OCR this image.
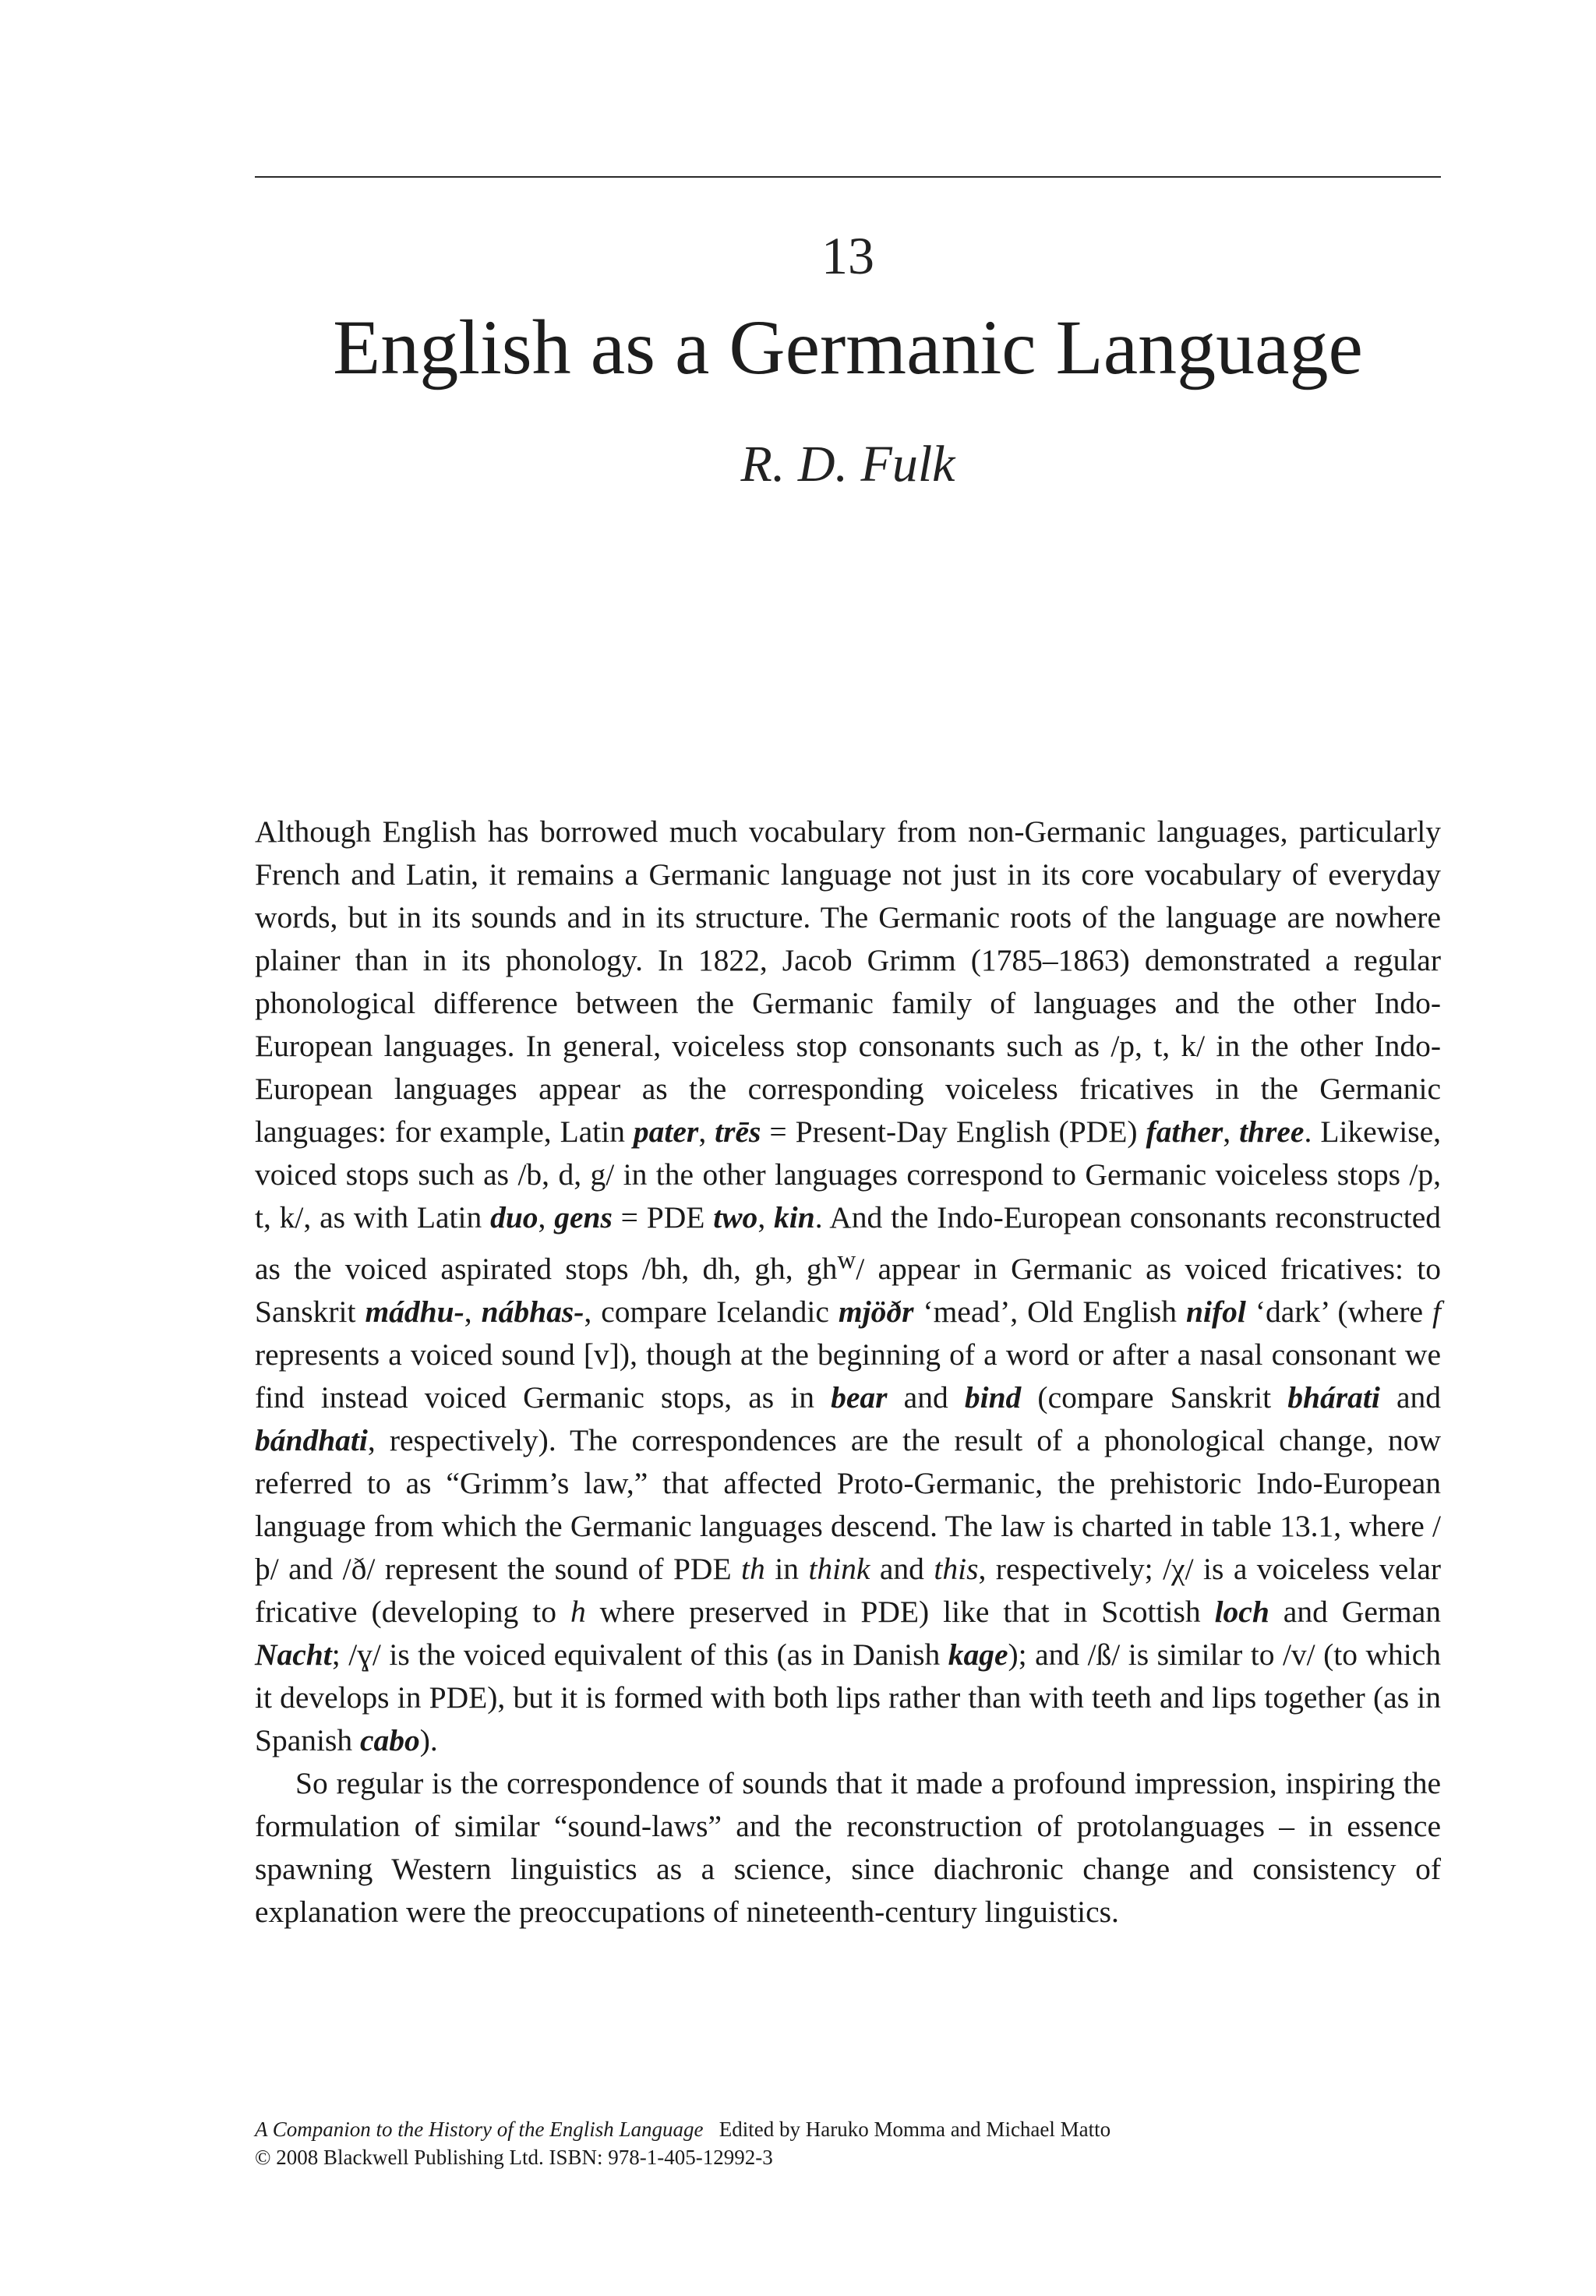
13
English as a Germanic Language
R. D. Fulk

Although English has borrowed much vocabulary from non-Germanic languages, particularly French and Latin, it remains a Germanic language not just in its core vocabulary of everyday words, but in its sounds and in its structure. The Germanic roots of the language are nowhere plainer than in its phonology. In 1822, Jacob Grimm (1785–1863) demonstrated a regular phonological difference between the Germanic family of languages and the other Indo-European languages. In general, voiceless stop consonants such as /p, t, k/ in the other Indo-European languages appear as the corresponding voiceless fricatives in the Germanic languages: for example, Latin pater, trēs = Present-Day English (PDE) father, three. Likewise, voiced stops such as /b, d, g/ in the other languages correspond to Germanic voiceless stops /p, t, k/, as with Latin duo, gens = PDE two, kin. And the Indo-European consonants reconstructed as the voiced aspirated stops /bh, dh, gh, $gh^w/$ appear in Germanic as voiced fricatives: to Sanskrit mádhu-, nábhas-, compare Icelandic mjöðr ‘mead’, Old English nifol ‘dark’ (where f represents a voiced sound [v]), though at the beginning of a word or after a nasal consonant we find instead voiced Germanic stops, as in bear and bind (compare Sanskrit bhárati and bándhati, respectively). The correspondences are the result of a phonological change, now referred to as “Grimm’s law,” that affected Proto-Germanic, the prehistoric Indo-European language from which the Germanic languages descend. The law is charted in table 13.1, where /þ/ and /ð/ represent the sound of PDE th in think and this, respectively; /χ/ is a voiceless velar fricative (developing to h where preserved in PDE) like that in Scottish loch and German Nacht; /ɣ/ is the voiced equivalent of this (as in Danish kage); and /ß/ is similar to /v/ (to which it develops in PDE), but it is formed with both lips rather than with teeth and lips together (as in Spanish cabo).

So regular is the correspondence of sounds that it made a profound impression, inspiring the formulation of similar “sound-laws” and the reconstruction of protolanguages – in essence spawning Western linguistics as a science, since diachronic change and consistency of explanation were the preoccupations of nineteenth-century linguistics.

A Companion to the History of the English Language Edited by Haruko Momma and Michael Matto
© 2008 Blackwell Publishing Ltd. ISBN: 978-1-405-12992-3
